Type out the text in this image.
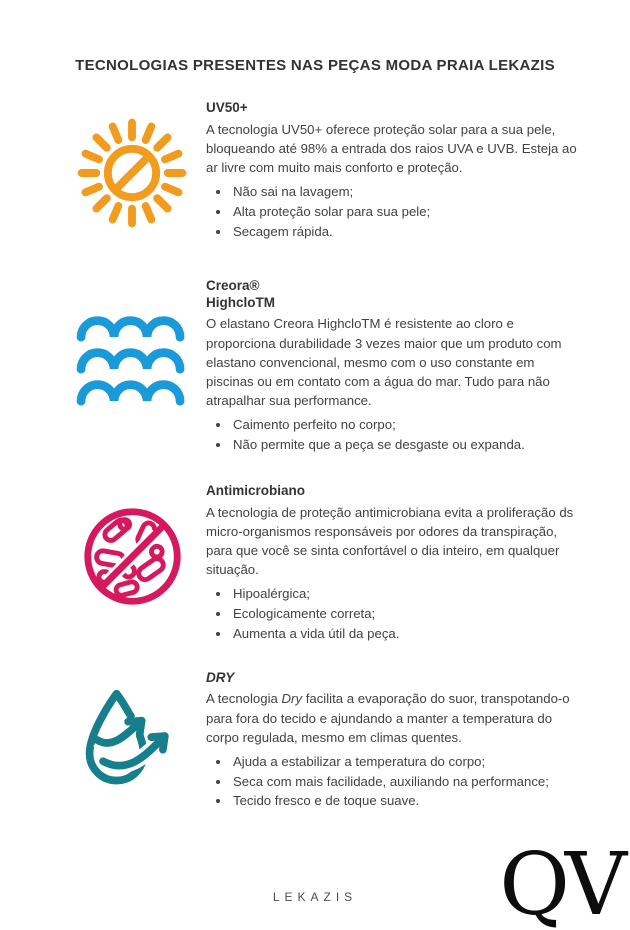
TECNOLOGIAS PRESENTES NAS PEÇAS MODA PRAIA LEKAZIS
UV50+

A tecnologia UV50+ oferece proteção solar para a sua pele, bloqueando até 98% a entrada dos raios UVA e UVB. Esteja ao ar livre com muito mais conforto e proteção.

• Não sai na lavagem;
• Alta proteção solar para sua pele;
• Secagem rápida.
Creora®
HighcloTM

O elastano Creora HighcloTM é resistente ao cloro e proporciona durabilidade 3 vezes maior que um produto com elastano convencional, mesmo com o uso constante em piscinas ou em contato com a água do mar. Tudo para não atrapalhar sua performance.

• Caimento perfeito no corpo;
• Não permite que a peça se desgaste ou expanda.
Antimicrobiano

A tecnologia de proteção antimicrobiana evita a proliferação ds micro-organismos responsáveis por odores da transpiração, para que você se sinta confortável o dia inteiro, em qualquer situação.

• Hipoalérgica;
• Ecologicamente correta;
• Aumenta a vida útil da peça.
DRY

A tecnologia Dry facilita a evaporação do suor, transpotando-o para fora do tecido e ajundando a manter a temperatura do corpo regulada, mesmo em climas quentes.

• Ajuda a estabilizar a temperatura do corpo;
• Seca com mais facilidade, auxiliando na performance;
• Tecido fresco e de toque suave.
QV
LEKAZIS
